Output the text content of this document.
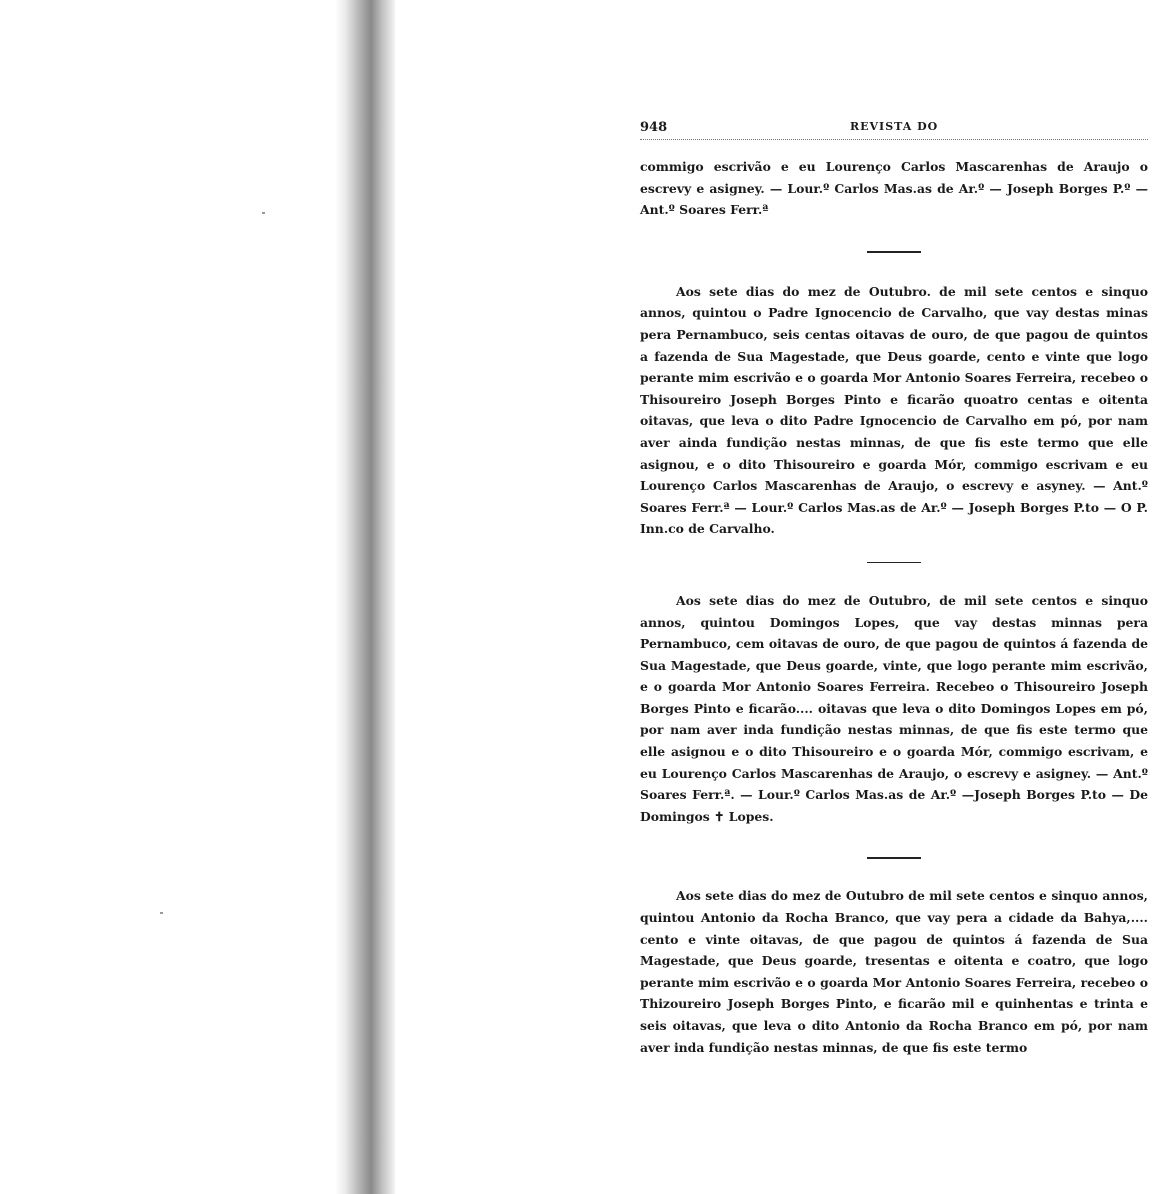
948	REVISTA DO

commigo escrivão e eu Lourenço Carlos Mascarenhas de Araujo o escrevy e asigney. — Lour.º Carlos Mas.as de Ar.º — Joseph Borges P.º — Ant.º Soares Ferr.ª

Aos sete dias do mez de Outubro. de mil sete centos e sinquo annos, quintou o Padre Ignocencio de Carvalho, que vay destas minas pera Pernambuco, seis centas oitavas de ouro, de que pagou de quintos a fazenda de Sua Magestade, que Deus goarde, cento e vinte que logo perante mim escrivão e o goarda Mor Antonio Soares Ferreira, recebeo o Thisoureiro Joseph Borges Pinto e ficarão quoatro centas e oitenta oitavas, que leva o dito Padre Ignocencio de Carvalho em pó, por nam aver ainda fundição nestas minnas, de que fis este termo que elle asignou, e o dito Thisoureiro e goarda Mór, commigo escrivam e eu Lourenço Carlos Mascarenhas de Araujo, o escrevy e asyney. — Ant.º Soares Ferr.ª — Lour.º Carlos Mas.as de Ar.º — Joseph Borges P.to — O P. Inn.co de Carvalho.

Aos sete dias do mez de Outubro, de mil sete centos e sinquo annos, quintou Domingos Lopes, que vay destas minnas pera Pernambuco, cem oitavas de ouro, de que pagou de quintos á fazenda de Sua Magestade, que Deus goarde, vinte, que logo perante mim escrivão, e o goarda Mor Antonio Soares Ferreira. Recebeo o Thisoureiro Joseph Borges Pinto e ficarão.... oitavas que leva o dito Domingos Lopes em pó, por nam aver inda fundição nestas minnas, de que fis este termo que elle asignou e o dito Thisoureiro e o goarda Mór, commigo escrivam, e eu Lourenço Carlos Mascarenhas de Araujo, o escrevy e asigney. — Ant.º Soares Ferr.ª. — Lour.º Carlos Mas.as de Ar.º —Joseph Borges P.to — De Domingos ✝ Lopes.

Aos sete dias do mez de Outubro de mil sete centos e sinquo annos, quintou Antonio da Rocha Branco, que vay pera a cidade da Bahya,.... cento e vinte oitavas, de que pagou de quintos á fazenda de Sua Magestade, que Deus goarde, tresentas e oitenta e coatro, que logo perante mim escrivão e o goarda Mor Antonio Soares Ferreira, recebeo o Thizoureiro Joseph Borges Pinto, e ficarão mil e quinhentas e trinta e seis oitavas, que leva o dito Antonio da Rocha Branco em pó, por nam aver inda fundição nestas minnas, de que fis este termo
